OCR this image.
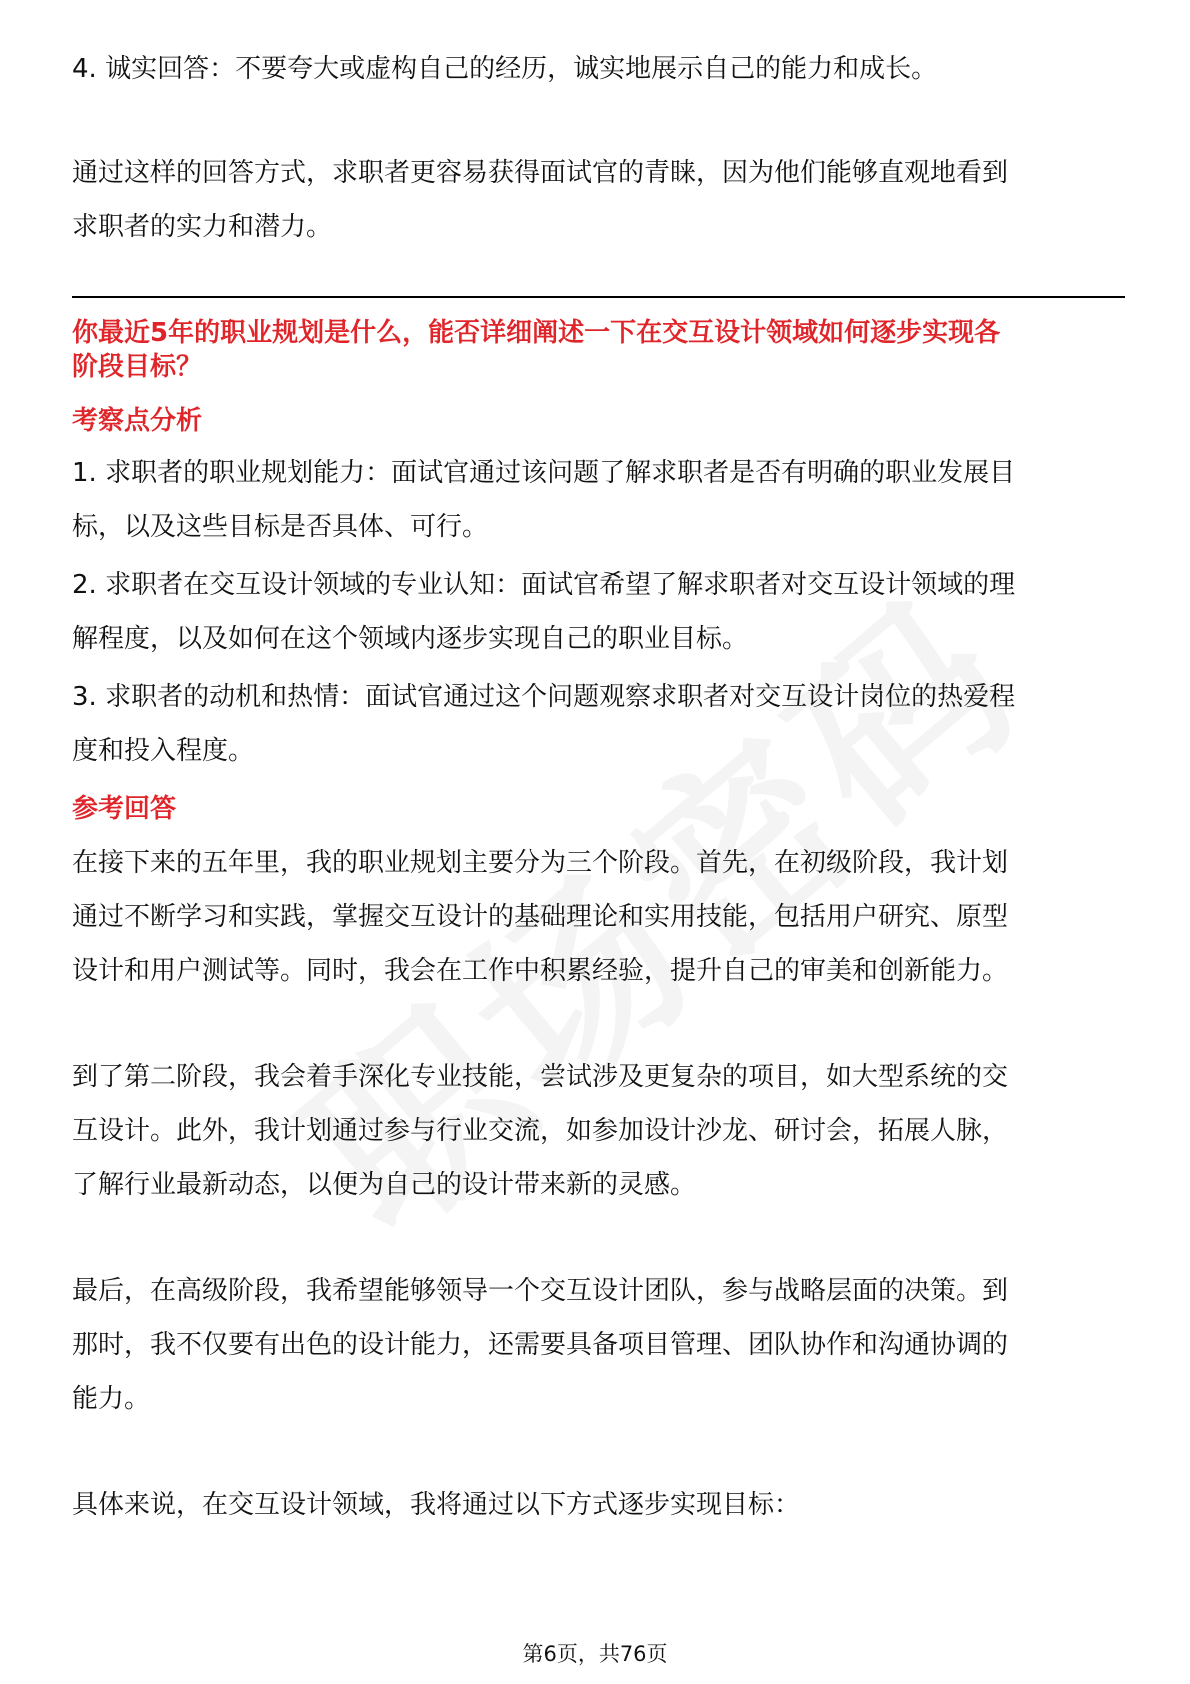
4. 诚实回答：不要夸大或虚构自己的经历，诚实地展示自己的能力和成长。
通过这样的回答方式，求职者更容易获得面试官的青睐，因为他们能够直观地看到
求职者的实力和潜力。
你最近5年的职业规划是什么，能否详细阐述一下在交互设计领域如何逐步实现各
阶段目标？
考察点分析
1. 求职者的职业规划能力：面试官通过该问题了解求职者是否有明确的职业发展目
标，以及这些目标是否具体、可行。
2. 求职者在交互设计领域的专业认知：面试官希望了解求职者对交互设计领域的理
解程度，以及如何在这个领域内逐步实现自己的职业目标。
3. 求职者的动机和热情：面试官通过这个问题观察求职者对交互设计岗位的热爱程
度和投入程度。
参考回答
在接下来的五年里，我的职业规划主要分为三个阶段。首先，在初级阶段，我计划
通过不断学习和实践，掌握交互设计的基础理论和实用技能，包括用户研究、原型
设计和用户测试等。同时，我会在工作中积累经验，提升自己的审美和创新能力。
到了第二阶段，我会着手深化专业技能，尝试涉及更复杂的项目，如大型系统的交
互设计。此外，我计划通过参与行业交流，如参加设计沙龙、研讨会，拓展人脉，
了解行业最新动态，以便为自己的设计带来新的灵感。
最后，在高级阶段，我希望能够领导一个交互设计团队，参与战略层面的决策。到
那时，我不仅要有出色的设计能力，还需要具备项目管理、团队协作和沟通协调的
能力。
具体来说，在交互设计领域，我将通过以下方式逐步实现目标：
第6页，共76页
